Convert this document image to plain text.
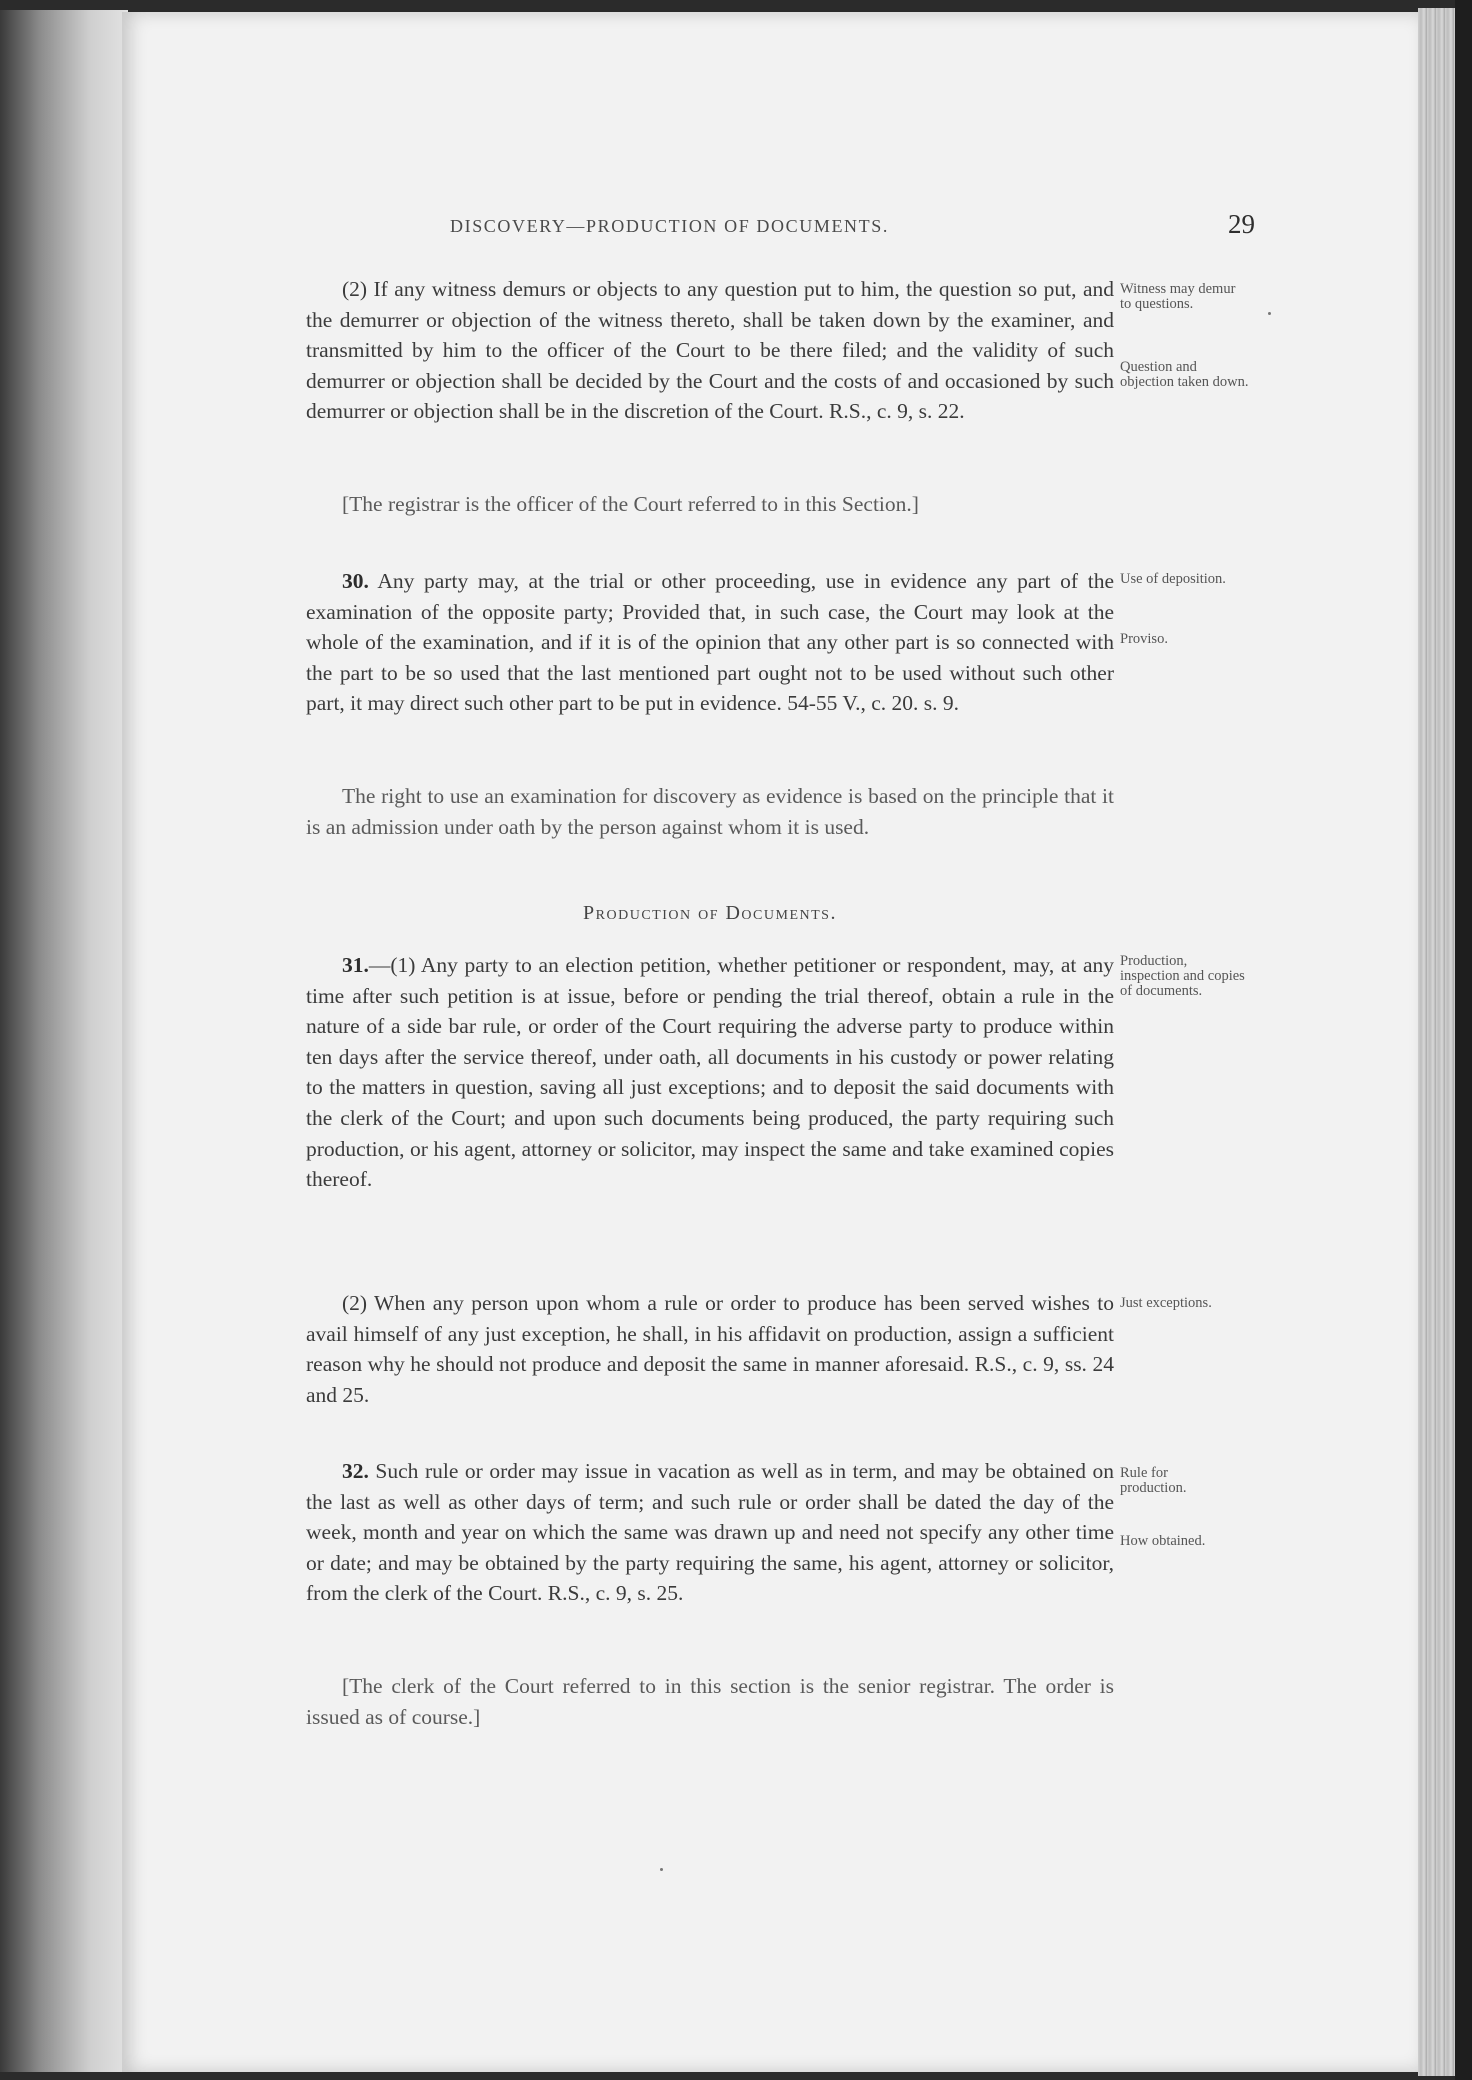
DISCOVERY—PRODUCTION OF DOCUMENTS.	29
(2) If any witness demurs or objects to any question put to him, the question so put, and the demurrer or objection of the witness thereto, shall be taken down by the examiner, and transmitted by him to the officer of the Court to be there filed; and the validity of such demurrer or objection shall be decided by the Court and the costs of and occasioned by such demurrer or objection shall be in the discretion of the Court. R.S., c. 9, s. 22.
[The registrar is the officer of the Court referred to in this Section.]
30. Any party may, at the trial or other proceeding, use in evidence any part of the examination of the opposite party; Provided that, in such case, the Court may look at the whole of the examination, and if it is of the opinion that any other part is so connected with the part to be so used that the last mentioned part ought not to be used without such other part, it may direct such other part to be put in evidence. 54-55 V., c. 20. s. 9.
The right to use an examination for discovery as evidence is based on the principle that it is an admission under oath by the person against whom it is used.
Production of Documents.
31.—(1) Any party to an election petition, whether petitioner or respondent, may, at any time after such petition is at issue, before or pending the trial thereof, obtain a rule in the nature of a side bar rule, or order of the Court requiring the adverse party to produce within ten days after the service thereof, under oath, all documents in his custody or power relating to the matters in question, saving all just exceptions; and to deposit the said documents with the clerk of the Court; and upon such documents being produced, the party requiring such production, or his agent, attorney or solicitor, may inspect the same and take examined copies thereof.
(2) When any person upon whom a rule or order to produce has been served wishes to avail himself of any just exception, he shall, in his affidavit on production, assign a sufficient reason why he should not produce and deposit the same in manner aforesaid. R.S., c. 9, ss. 24 and 25.
32. Such rule or order may issue in vacation as well as in term, and may be obtained on the last as well as other days of term; and such rule or order shall be dated the day of the week, month and year on which the same was drawn up and need not specify any other time or date; and may be obtained by the party requiring the same, his agent, attorney or solicitor, from the clerk of the Court. R.S., c. 9, s. 25.
[The clerk of the Court referred to in this section is the senior registrar. The order is issued as of course.]
Witness may demur to questions.
Question and objection taken down.
Use of deposition.
Proviso.
Production, inspection and copies of documents.
Just exceptions.
Rule for production.
How obtained.
